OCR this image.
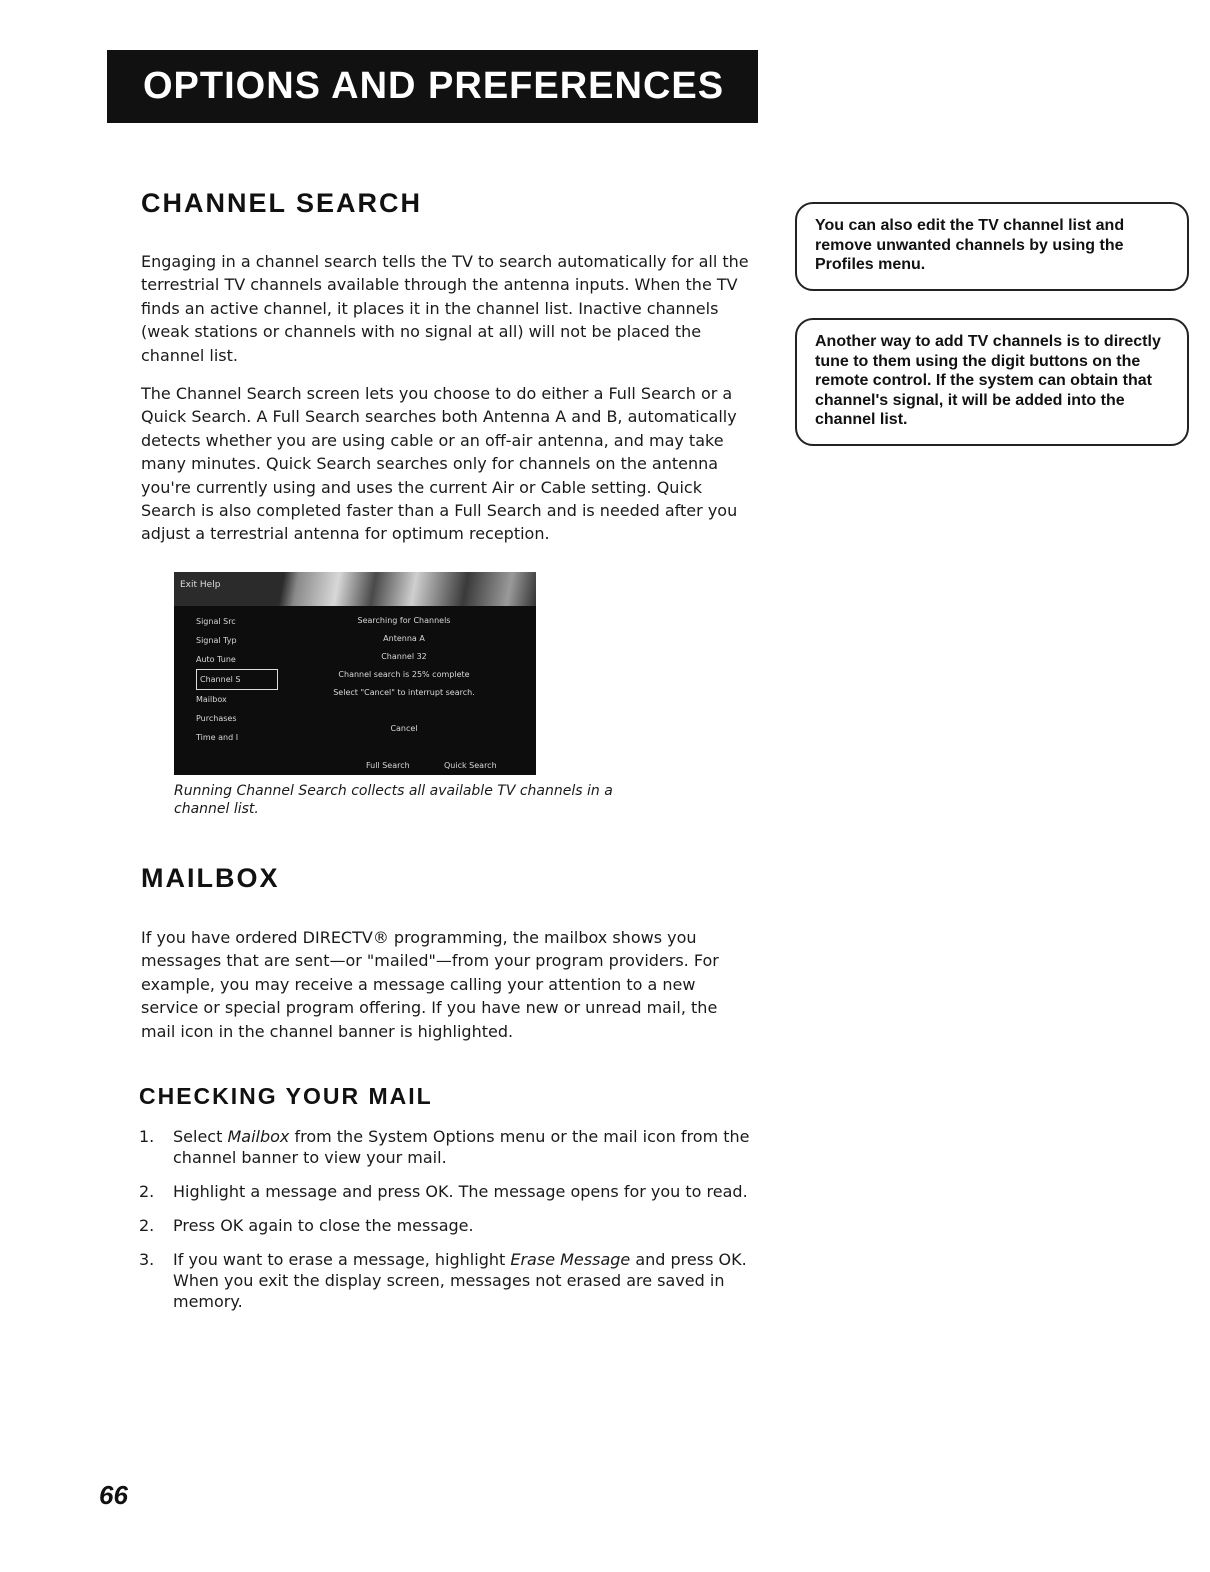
OPTIONS AND PREFERENCES
CHANNEL SEARCH

Engaging in a channel search tells the TV to search automatically for all the terrestrial TV channels available through the antenna inputs. When the TV finds an active channel, it places it in the channel list. Inactive channels (weak stations or channels with no signal at all) will not be placed the channel list.

The Channel Search screen lets you choose to do either a Full Search or a Quick Search. A Full Search searches both Antenna A and B, automatically detects whether you are using cable or an off-air antenna, and may take many minutes. Quick Search searches only for channels on the antenna you're currently using and uses the current Air or Cable setting. Quick Search is also completed faster than a Full Search and is needed after you adjust a terrestrial antenna for optimum reception.

You can also edit the TV channel list and remove unwanted channels by using the Profiles menu.
Another way to add TV channels is to directly tune to them using the digit buttons on the remote control. If the system can obtain that channel's signal, it will be added into the channel list.
Exit Help
Signal Src
Signal Typ
Auto Tune
Channel S
Mailbox
Purchases
Time and I
Searching for Channels
Antenna A
Channel 32
Channel search is 25% complete
Select "Cancel" to interrupt search.

Cancel
Full Search	Quick Search

Running Channel Search collects all available TV channels in a channel list.

MAILBOX

If you have ordered DIRECTV® programming, the mailbox shows you messages that are sent—or "mailed"—from your program providers. For example, you may receive a message calling your attention to a new service or special program offering. If you have new or unread mail, the mail icon in the channel banner is highlighted.

CHECKING YOUR MAIL
1. Select Mailbox from the System Options menu or the mail icon from the channel banner to view your mail.
2. Highlight a message and press OK. The message opens for you to read.
2. Press OK again to close the message.
3. If you want to erase a message, highlight Erase Message and press OK. When you exit the display screen, messages not erased are saved in memory.
66
